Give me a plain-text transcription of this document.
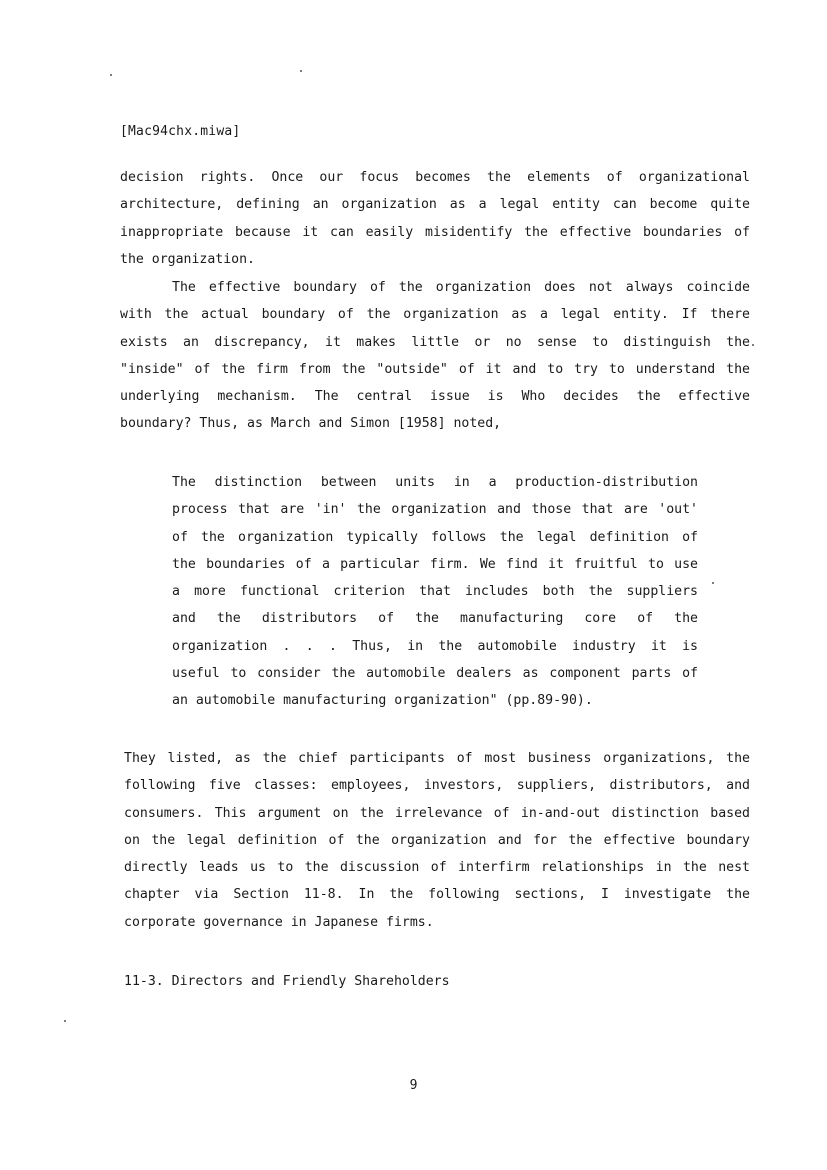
[Mac94chx.miwa]
decision rights. Once our focus becomes the elements of organizational
architecture, defining an organization as a legal entity can become quite
inappropriate because it can easily misidentify the effective boundaries of
the organization.
The effective boundary of the organization does not always coincide
with the actual boundary of the organization as a legal entity. If there
exists an discrepancy, it makes little or no sense to distinguish the
"inside" of the firm from the "outside" of it and to try to understand the
underlying mechanism. The central issue is Who decides the effective
boundary? Thus, as March and Simon [1958] noted,
The distinction between units in a production-distribution
process that are 'in' the organization and those that are 'out'
of the organization typically follows the legal definition of
the boundaries of a particular firm. We find it fruitful to use
a more functional criterion that includes both the suppliers
and the distributors of the manufacturing core of the
organization . . . Thus, in the automobile industry it is
useful to consider the automobile dealers as component parts of
an automobile manufacturing organization" (pp.89-90).
They listed, as the chief participants of most business organizations, the
following five classes: employees, investors, suppliers, distributors, and
consumers. This argument on the irrelevance of in-and-out distinction based
on the legal definition of the organization and for the effective boundary
directly leads us to the discussion of interfirm relationships in the nest
chapter via Section 11-8. In the following sections, I investigate the
corporate governance in Japanese firms.
11-3. Directors and Friendly Shareholders
9
